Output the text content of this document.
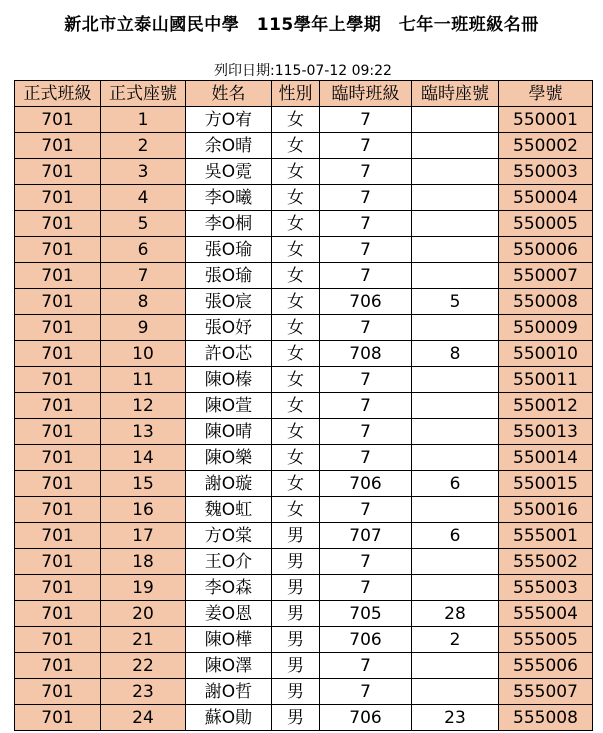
新北市立泰山國民中學　115學年上學期　七年一班班級名冊
列印日期:115-07-12 09:22
正式班級	正式座號	姓名	性別	臨時班級	臨時座號	學號
701	1	方O宥	女	7		550001
701	2	余O晴	女	7		550002
701	3	吳O霓	女	7		550003
701	4	李O曦	女	7		550004
701	5	李O桐	女	7		550005
701	6	張O瑜	女	7		550006
701	7	張O瑜	女	7		550007
701	8	張O宸	女	706	5	550008
701	9	張O妤	女	7		550009
701	10	許O芯	女	708	8	550010
701	11	陳O榛	女	7		550011
701	12	陳O萱	女	7		550012
701	13	陳O晴	女	7		550013
701	14	陳O樂	女	7		550014
701	15	謝O璇	女	706	6	550015
701	16	魏O虹	女	7		550016
701	17	方O棠	男	707	6	555001
701	18	王O介	男	7		555002
701	19	李O森	男	7		555003
701	20	姜O恩	男	705	28	555004
701	21	陳O樺	男	706	2	555005
701	22	陳O澤	男	7		555006
701	23	謝O哲	男	7		555007
701	24	蘇O勛	男	706	23	555008
